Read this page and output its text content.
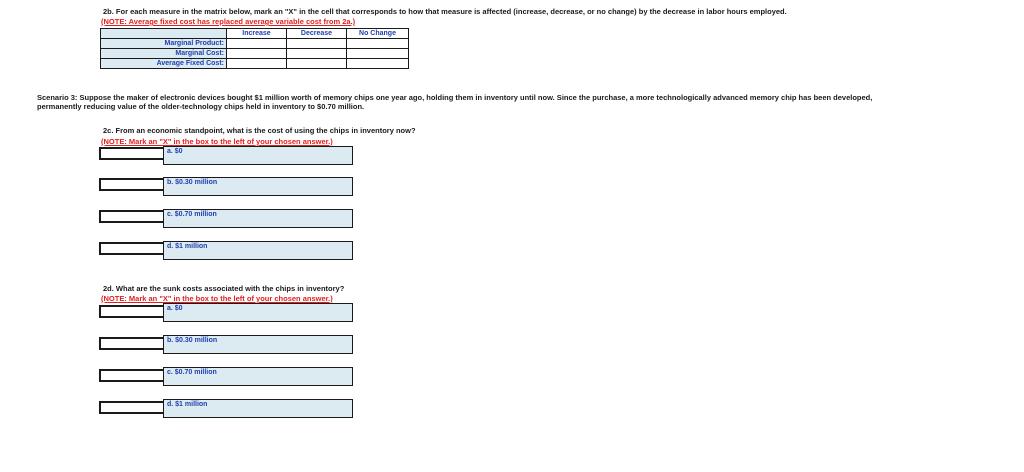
2b. For each measure in the matrix below, mark an "X" in the cell that corresponds to how that measure is affected (increase, decrease, or no change) by the decrease in labor hours employed.
(NOTE: Average fixed cost has replaced average variable cost from 2a.)
	Increase	Decrease	No Change
Marginal Product:			
Marginal Cost:			
Average Fixed Cost:			
Scenario 3: Suppose the maker of electronic devices bought $1 million worth of memory chips one year ago, holding them in inventory until now. Since the purchase, a more technologically advanced memory chip has been developed,
permanently reducing value of the older-technology chips held in inventory to $0.70 million.
2c. From an economic standpoint, what is the cost of using the chips in inventory now?
(NOTE: Mark an "X" in the box to the left of your chosen answer.)
a. $0
b. $0.30 million
c. $0.70 million
d. $1 million
2d. What are the sunk costs associated with the chips in inventory?
(NOTE: Mark an "X" in the box to the left of your chosen answer.)
a. $0
b. $0.30 million
c. $0.70 million
d. $1 million
